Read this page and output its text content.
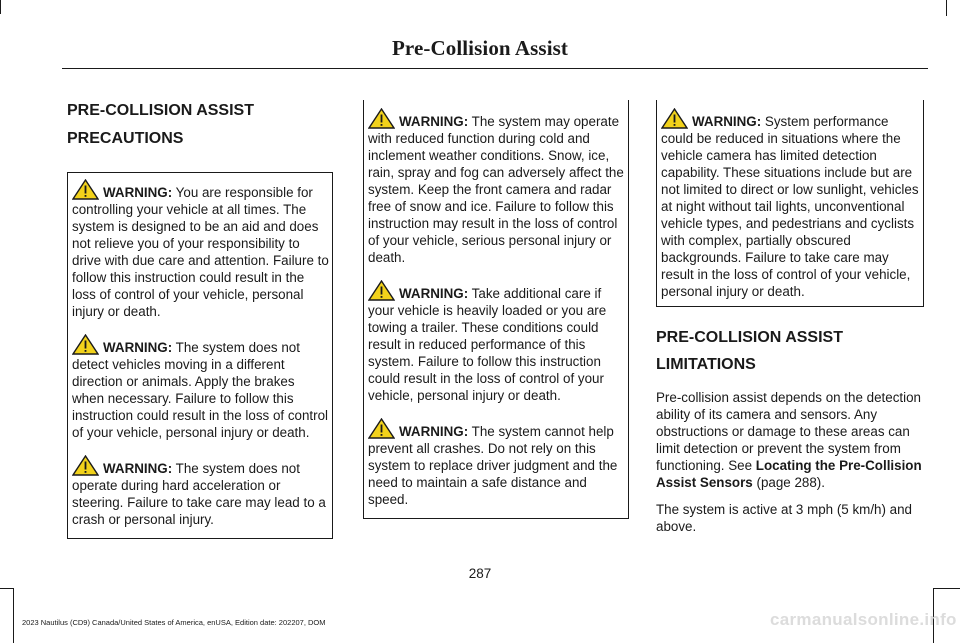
Pre-Collision Assist
PRE-COLLISION ASSIST
PRECAUTIONS
WARNING: You are responsible for controlling your vehicle at all times. The system is designed to be an aid and does not relieve you of your responsibility to drive with due care and attention. Failure to follow this instruction could result in the loss of control of your vehicle, personal injury or death.
WARNING: The system does not detect vehicles moving in a different direction or animals. Apply the brakes when necessary. Failure to follow this instruction could result in the loss of control of your vehicle, personal injury or death.
WARNING: The system does not operate during hard acceleration or steering. Failure to take care may lead to a crash or personal injury.
WARNING: The system may operate with reduced function during cold and inclement weather conditions. Snow, ice, rain, spray and fog can adversely affect the system. Keep the front camera and radar free of snow and ice. Failure to follow this instruction may result in the loss of control of your vehicle, serious personal injury or death.
WARNING: Take additional care if your vehicle is heavily loaded or you are towing a trailer. These conditions could result in reduced performance of this system. Failure to follow this instruction could result in the loss of control of your vehicle, personal injury or death.
WARNING: The system cannot help prevent all crashes. Do not rely on this system to replace driver judgment and the need to maintain a safe distance and speed.
WARNING: System performance could be reduced in situations where the vehicle camera has limited detection capability. These situations include but are not limited to direct or low sunlight, vehicles at night without tail lights, unconventional vehicle types, and pedestrians and cyclists with complex, partially obscured backgrounds. Failure to take care may result in the loss of control of your vehicle, personal injury or death.
PRE-COLLISION ASSIST
LIMITATIONS

Pre-collision assist depends on the detection ability of its camera and sensors. Any obstructions or damage to these areas can limit detection or prevent the system from functioning. See Locating the Pre-Collision Assist Sensors (page 288).

The system is active at 3 mph (5 km/h) and above.

287
2023 Nautilus (CD9) Canada/United States of America, enUSA, Edition date: 202207, DOM	carmanualsonline.info
